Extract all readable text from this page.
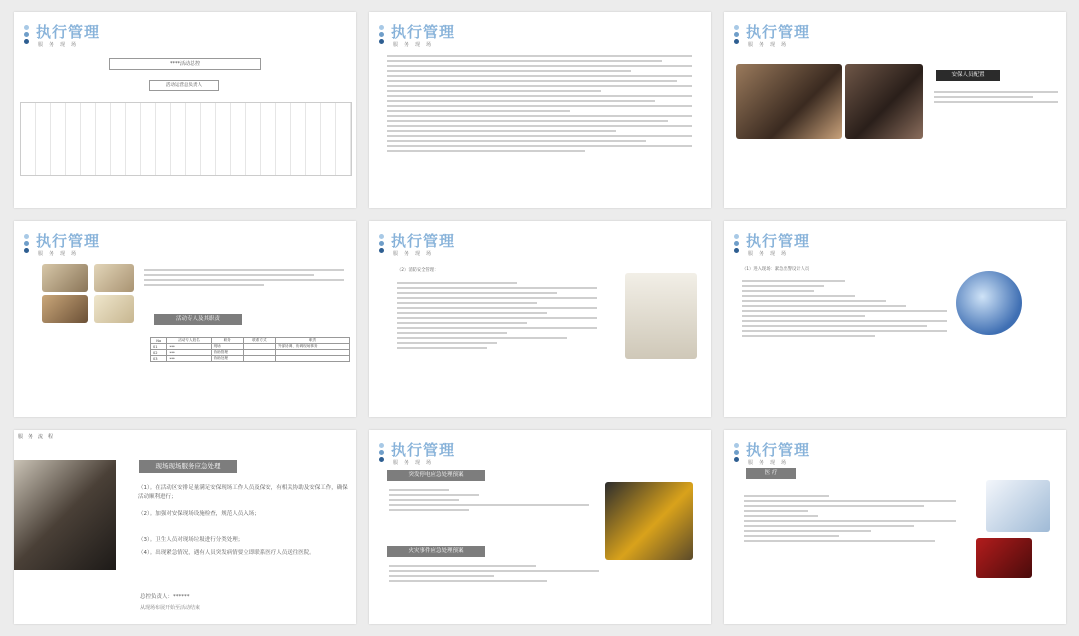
执行管理
服务现场
****活动总控
活动运营总负责人
执行管理
服务现场
执行管理
服务现场
安保人员配置
执行管理
服务现场
活动专人及其职责
No	活动专人姓名	职务	联系方式	职责
01	***	现场		外部协调、协调现场事务
02	***	协助管理		
03	***	协助处理		
执行管理
服务现场
（2）消防安全管理：
执行管理
服务现场
（1）进入现场：紧急出警设计人员
服务流程
现场现场服务应急处理
（1）。在活动区安排足量满足安保现场工作人员及保安，有相关协助及安保工作，确保活动顺利进行；
（2）。加强对安保现场设施检查，规范人员入场；
（3）。卫生人员对现场垃圾进行分类处理；
（4）。出现紧急情况，遇有人员突发病情要立即联系医疗人员送往医院。
总控负责人：******
从现场布展开始至活动结束
执行管理
服务现场
突发停电应急处理预案
火灾事件应急处理预案
执行管理
服务现场
医 疗
